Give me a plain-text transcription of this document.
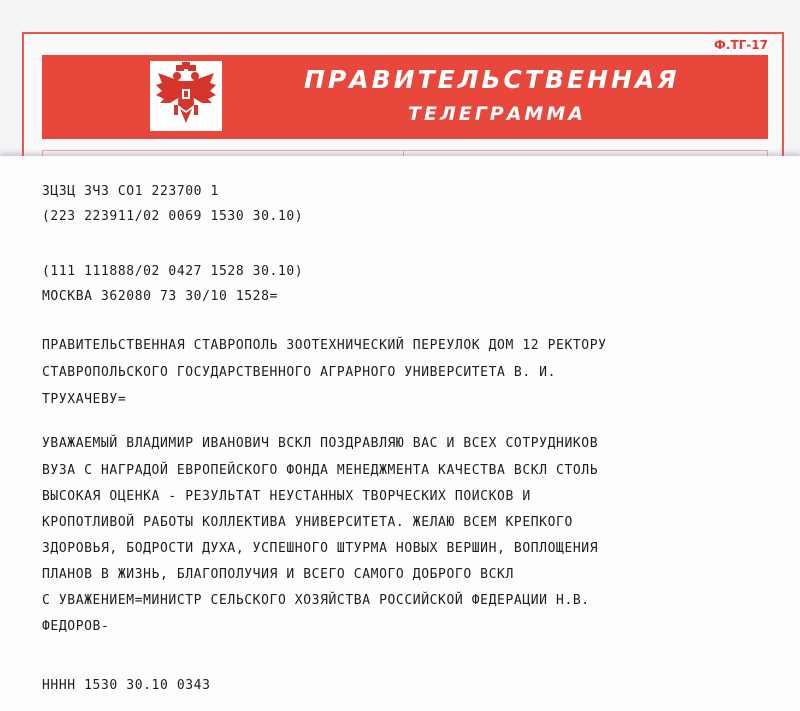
Ф.ТГ-17
ПРАВИТЕЛЬСТВЕННАЯ
ТЕЛЕГРАММА
ЗЦЗЦ ЗЧЗ СО1 223700 1
(223 223911/02 0069 1530 30.10)
(111 111888/02 0427 1528 30.10)
МОСКВА 362080 73 30/10 1528=
ПРАВИТЕЛЬСТВЕННАЯ СТАВРОПОЛЬ ЗООТЕХНИЧЕСКИЙ ПЕРЕУЛОК ДОМ 12 РЕКТОРУ
СТАВРОПОЛЬСКОГО ГОСУДАРСТВЕННОГО АГРАРНОГО УНИВЕРСИТЕТА В. И.
ТРУХАЧЕВУ=
УВАЖАЕМЫЙ ВЛАДИМИР ИВАНОВИЧ ВСКЛ ПОЗДРАВЛЯЮ ВАС И ВСЕХ СОТРУДНИКОВ
ВУЗА С НАГРАДОЙ ЕВРОПЕЙСКОГО ФОНДА МЕНЕДЖМЕНТА КАЧЕСТВА ВСКЛ СТОЛЬ
ВЫСОКАЯ ОЦЕНКА - РЕЗУЛЬТАТ НЕУСТАННЫХ ТВОРЧЕСКИХ ПОИСКОВ И
КРОПОТЛИВОЙ РАБОТЫ КОЛЛЕКТИВА УНИВЕРСИТЕТА. ЖЕЛАЮ ВСЕМ КРЕПКОГО
ЗДОРОВЬЯ, БОДРОСТИ ДУХА, УСПЕШНОГО ШТУРМА НОВЫХ ВЕРШИН, ВОПЛОЩЕНИЯ
ПЛАНОВ В ЖИЗНЬ, БЛАГОПОЛУЧИЯ И ВСЕГО САМОГО ДОБРОГО ВСКЛ
С УВАЖЕНИЕМ=МИНИСТР СЕЛЬСКОГО ХОЗЯЙСТВА РОССИЙСКОЙ ФЕДЕРАЦИИ Н.В.
ФЕДОРОВ-
НННН 1530 30.10 0343
